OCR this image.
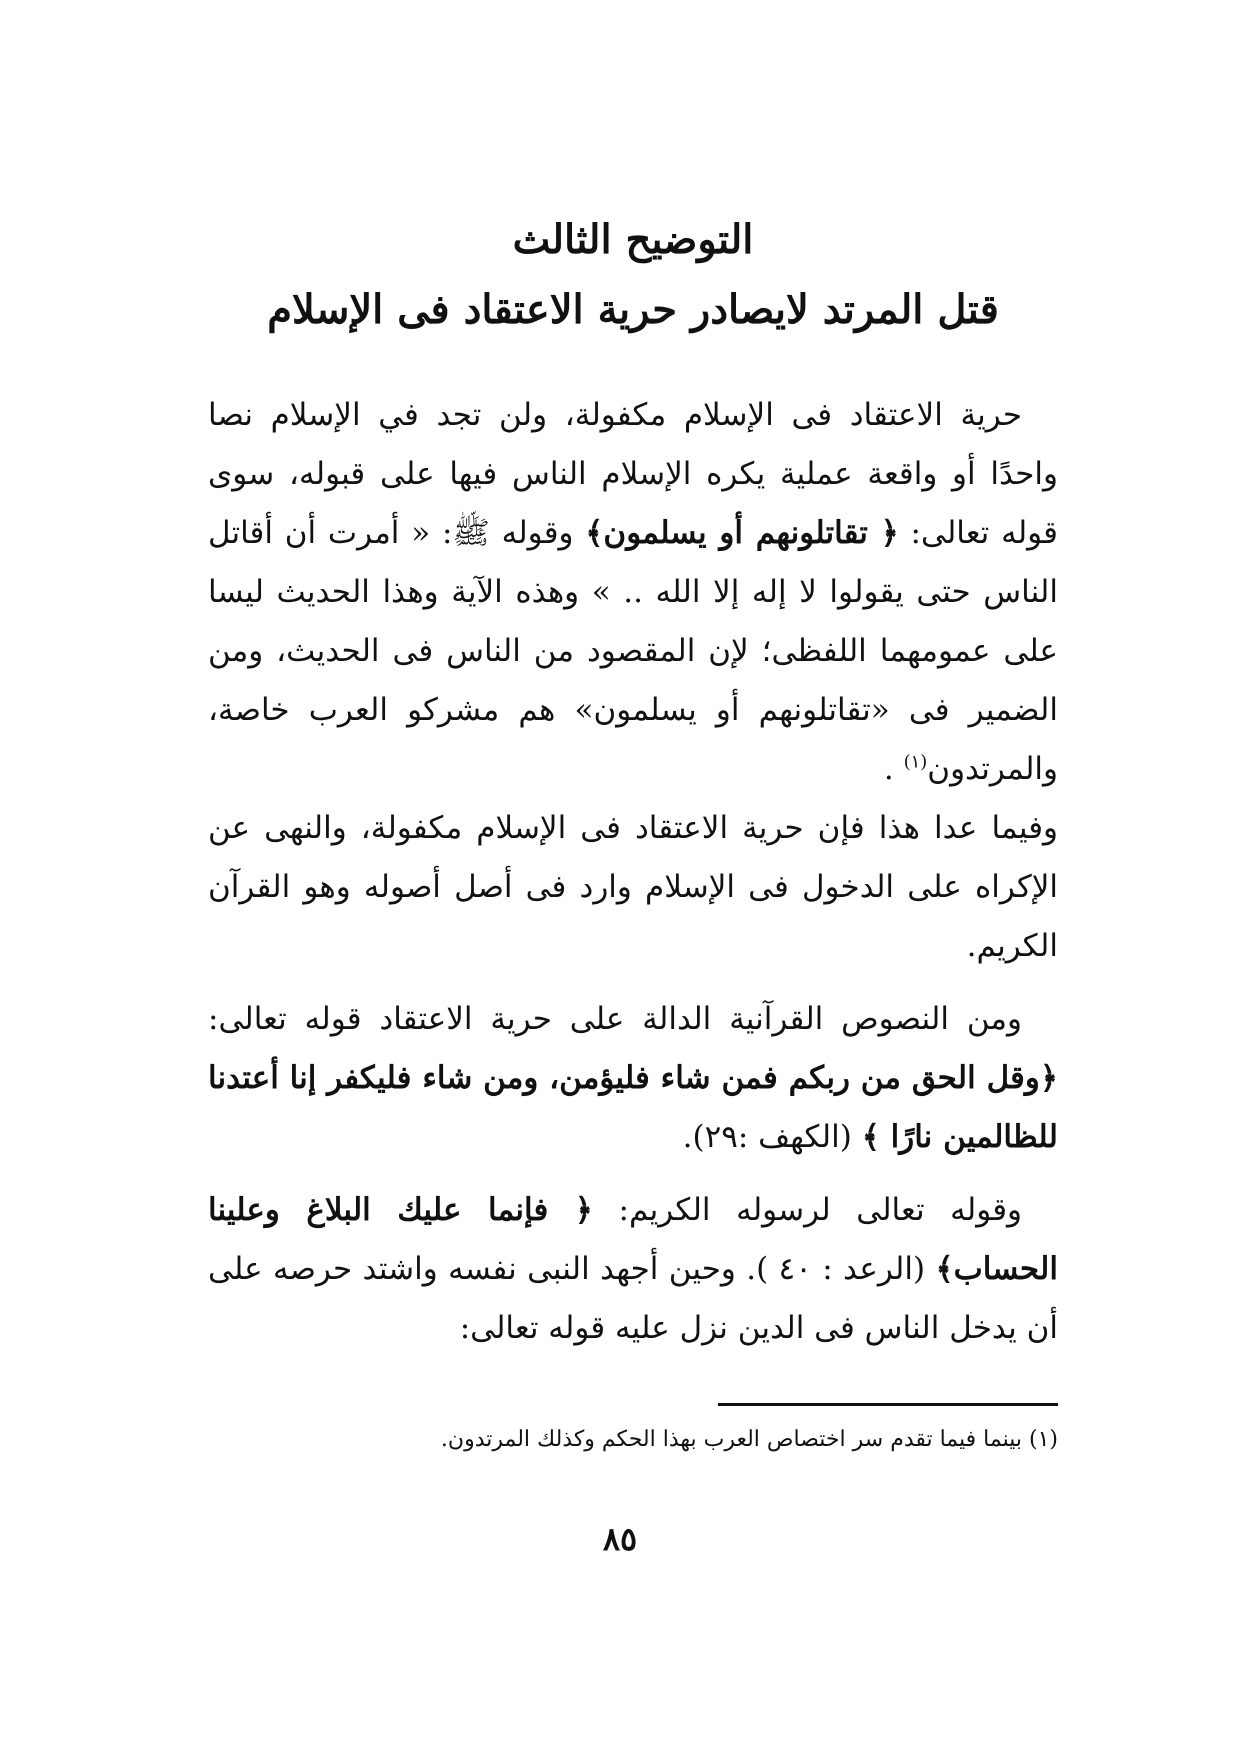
التوضيح الثالث
قتل المرتد لايصادر حرية الاعتقاد فى الإسلام

حرية الاعتقاد فى الإسلام مكفولة، ولن تجد في الإسلام نصا واحدًا أو واقعة عملية يكره الإسلام الناس فيها على قبوله، سوى قوله تعالى: ﴿ تقاتلونهم أو يسلمون﴾ وقوله ﷺ: « أمرت أن أقاتل الناس حتى يقولوا لا إله إلا الله .. » وهذه الآية وهذا الحديث ليسا على عمومهما اللفظى؛ لإن المقصود من الناس فى الحديث، ومن الضمير فى «تقاتلونهم أو يسلمون» هم مشركو العرب خاصة، والمرتدون$^{(١)}$ .

وفيما عدا هذا فإن حرية الاعتقاد فى الإسلام مكفولة، والنهى عن الإكراه على الدخول فى الإسلام وارد فى أصل أصوله وهو القرآن الكريم.

ومن النصوص القرآنية الدالة على حرية الاعتقاد قوله تعالى: ﴿وقل الحق من ربكم فمن شاء فليؤمن، ومن شاء فليكفر إنا أعتدنا للظالمين نارًا ﴾ (الكهف :٢٩).

وقوله تعالى لرسوله الكريم: ﴿ فإنما عليك البلاغ وعلينا الحساب﴾ (الرعد : ٤٠ ). وحين أجهد النبى نفسه واشتد حرصه على أن يدخل الناس فى الدين نزل عليه قوله تعالى:

(١) بينما فيما تقدم سر اختصاص العرب بهذا الحكم وكذلك المرتدون.
٨٥
